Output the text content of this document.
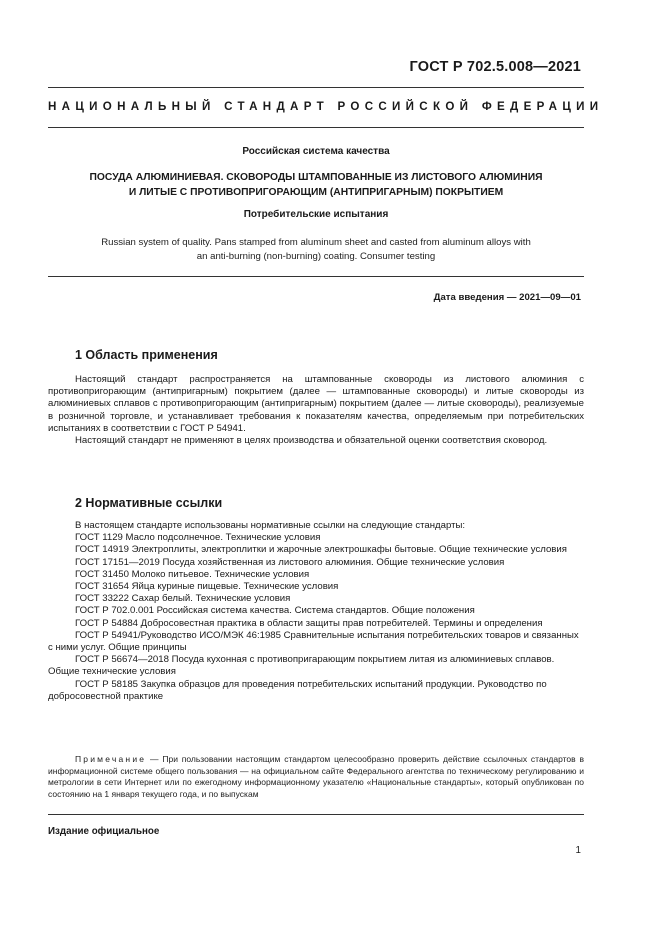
ГОСТ Р 702.5.008—2021
НАЦИОНАЛЬНЫЙ СТАНДАРТ РОССИЙСКОЙ ФЕДЕРАЦИИ
Российская система качества
ПОСУДА АЛЮМИНИЕВАЯ. СКОВОРОДЫ ШТАМПОВАННЫЕ ИЗ ЛИСТОВОГО АЛЮМИНИЯ
И ЛИТЫЕ С ПРОТИВОПРИГОРАЮЩИМ (АНТИПРИГАРНЫМ) ПОКРЫТИЕМ
Потребительские испытания
Russian system of quality. Pans stamped from aluminum sheet and casted from aluminum alloys with
an anti-burning (non-burning) coating. Consumer testing
Дата введения — 2021—09—01
1 Область применения

Настоящий стандарт распространяется на штампованные сковороды из листового алюминия с противопригорающим (антипригарным) покрытием (далее — штампованные сковороды) и литые сковороды из алюминиевых сплавов с противопригорающим (антипригарным) покрытием (далее — литые сковороды), реализуемые в розничной торговле, и устанавливает требования к показателям качества, определяемым при потребительских испытаниях в соответствии с ГОСТ Р 54941.

Настоящий стандарт не применяют в целях производства и обязательной оценки соответствия сковород.

2 Нормативные ссылки
В настоящем стандарте использованы нормативные ссылки на следующие стандарты:
ГОСТ 1129 Масло подсолнечное. Технические условия
ГОСТ 14919 Электроплиты, электроплитки и жарочные электрошкафы бытовые. Общие технические условия
ГОСТ 17151—2019 Посуда хозяйственная из листового алюминия. Общие технические условия
ГОСТ 31450 Молоко питьевое. Технические условия
ГОСТ 31654 Яйца куриные пищевые. Технические условия
ГОСТ 33222 Сахар белый. Технические условия
ГОСТ Р 702.0.001 Российская система качества. Система стандартов. Общие положения
ГОСТ Р 54884 Добросовестная практика в области защиты прав потребителей. Термины и определения
ГОСТ Р 54941/Руководство ИСО/МЭК 46:1985 Сравнительные испытания потребительских товаров и связанных с ними услуг. Общие принципы
ГОСТ Р 56674—2018 Посуда кухонная с противопригарающим покрытием литая из алюминиевых сплавов. Общие технические условия
ГОСТ Р 58185 Закупка образцов для проведения потребительских испытаний продукции. Руководство по добросовестной практике

Примечание — При пользовании настоящим стандартом целесообразно проверить действие ссылочных стандартов в информационной системе общего пользования — на официальном сайте Федерального агентства по техническому регулированию и метрологии в сети Интернет или по ежегодному информационному указателю «Национальные стандарты», который опубликован по состоянию на 1 января текущего года, и по выпускам

Издание официальное
1
